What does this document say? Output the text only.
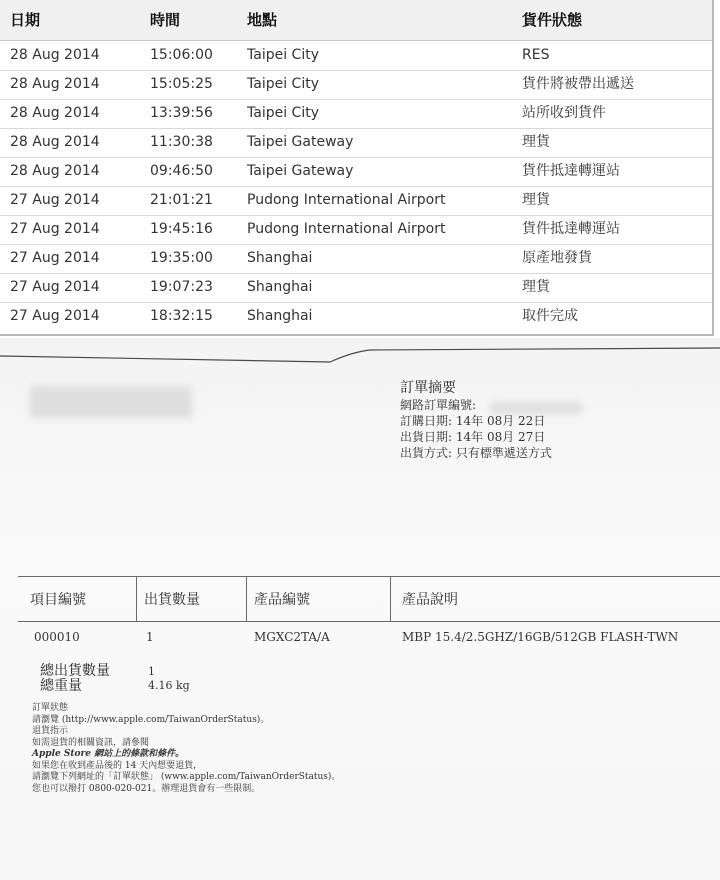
日期	時間	地點	貨件狀態
28 Aug 2014	15:06:00 Taipei City	RES
28 Aug 2014	15:05:25 Taipei City	貨件將被帶出遞送
28 Aug 2014	13:39:56 Taipei City	站所收到貨件
28 Aug 2014	11:30:38 Taipei Gateway	理貨
28 Aug 2014	09:46:50 Taipei Gateway	貨件抵達轉運站
27 Aug 2014	21:01:21 Pudong International Airport	理貨
27 Aug 2014	19:45:16 Pudong International Airport	貨件抵達轉運站
27 Aug 2014	19:35:00 Shanghai	原產地發貨
27 Aug 2014	19:07:23 Shanghai	理貨
27 Aug 2014	18:32:15 Shanghai	取件完成
訂單摘要
網路訂單編號:
訂購日期: 14年 08月 22日
出貨日期: 14年 08月 27日
出貨方式: 只有標準遞送方式
項目編號	出貨數量	產品編號	產品說明
000010	1	MGXC2TA/A	MBP 15.4/2.5GHZ/16GB/512GB FLASH-TWN
總出貨數量
總重量
1
4.16 kg
訂單狀態
請瀏覽 (http://www.apple.com/TaiwanOrderStatus)。
退貨指示
如需退貨的相關資訊，請參閱
Apple Store 網站上的條款和條件。
如果您在收到產品後的 14 天內想要退貨，
請瀏覽下列網址的「訂單狀態」 (www.apple.com/TaiwanOrderStatus)。
您也可以撥打 0800-020-021。辦理退貨會有一些限制。
